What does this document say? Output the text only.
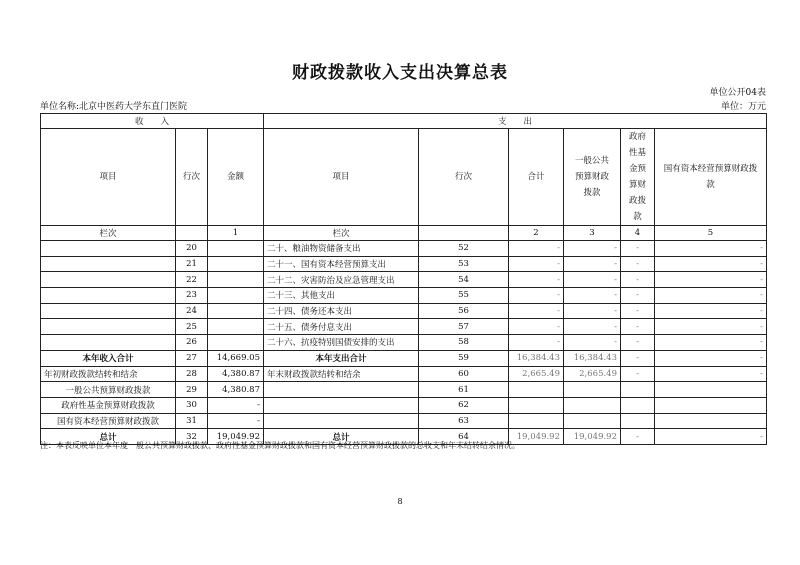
财政拨款收入支出决算总表
单位公开04表
单位名称:北京中医药大学东直门医院	单位：万元
收　　入			支　　出					
项目	行次	金额	项目	行次	合计	一般公共预算财政拨款	政府性基金预算财政拨款	国有资本经营预算财政拨款
栏次		1	栏次		2	3	4	5
	20		二十、粮油物资储备支出	52	-	-	-	-
	21		二十一、国有资本经营预算支出	53	-	-	-	-
	22		二十二、灾害防治及应急管理支出	54	-	-	-	-
	23		二十三、其他支出	55	-	-	-	-
	24		二十四、债务还本支出	56	-	-	-	-
	25		二十五、债务付息支出	57	-	-	-	-
	26		二十六、抗疫特别国债安排的支出	58	-	-	-	-
本年收入合计	27	14,669.05	本年支出合计	59	16,384.43	16,384.43	-	-
年初财政拨款结转和结余	28	4,380.87	年末财政拨款结转和结余	60	2,665.49	2,665.49	-	-
一般公共预算财政拨款	29	4,380.87		61				
政府性基金预算财政拨款	30	-		62				
国有资本经营预算财政拨款	31	-		63				
总计	32	19,049.92	总计	64	19,049.92	19,049.92	-	-
注：本表反映单位本年度一般公共预算财政拨款、政府性基金预算财政拨款和国有资本经营预算财政拨款的总收支和年末结转结余情况。
8
